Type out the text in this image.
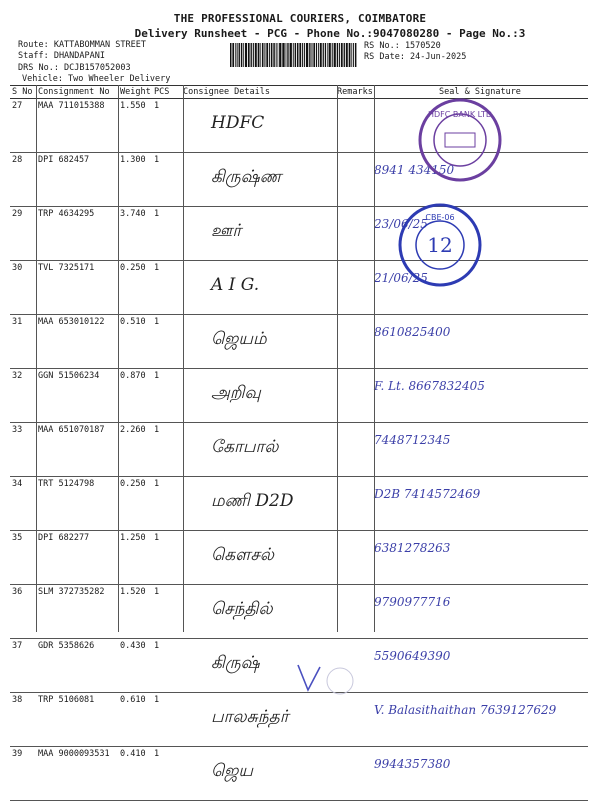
THE PROFESSIONAL COURIERS, COIMBATORE
Delivery Runsheet - PCG - Phone No.:9047080280 - Page No.:3
Route: KATTABOMMAN STREET
Staff: DHANDAPANI
DRS No.: DCJB157052003
Vehicle: Two Wheeler Delivery
RS No.: 1570520
RS Date: 24-Jun-2025
S No	Consignment No	Weight	PCS	Consignee Details	Remarks	Seal & Signature
27	MAA 711015388	1.550	1	HDFC		
28	DPI 682457	1.300	1	கிருஷ்ண		8941 434150
29	TRP 4634295	3.740	1	ஊர்		23/06/25
30	TVL 7325171	0.250	1	A I G.		21/06/25
31	MAA 653010122	0.510	1	ஜெயம்		8610825400
32	GGN 51506234	0.870	1	அறிவு		F. Lt. 8667832405
33	MAA 651070187	2.260	1	கோபால்		7448712345
34	TRT 5124798	0.250	1	மணி D2D		D2B 7414572469
35	DPI 682277	1.250	1	கௌசல்		6381278263
36	SLM 372735282	1.520	1	செந்தில்		9790977716
37	GDR 5358626	0.430	1	கிருஷ்		5590649390
38	TRP 5106081	0.610	1	பாலசுந்தர்		V. Balasithaithan 7639127629
39	MAA 9000093531	0.410	1	ஜெய		9944357380
HDFC BANK LTD
CBE-06
12
